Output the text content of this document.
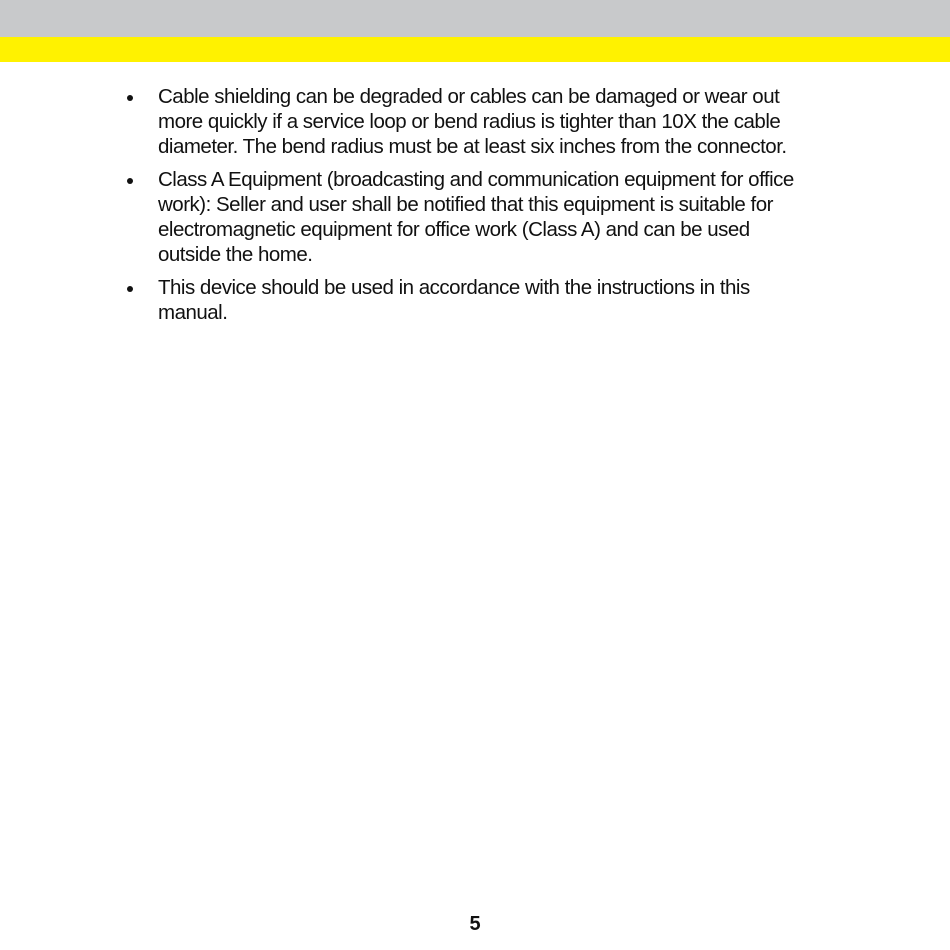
Cable shielding can be degraded or cables can be damaged or wear out
more quickly if a service loop or bend radius is tighter than 10X the cable
diameter. The bend radius must be at least six inches from the connector.
Class A Equipment (broadcasting and communication equipment for office
work): Seller and user shall be notified that this equipment is suitable for
electromagnetic equipment for office work (Class A) and can be used
outside the home.
This device should be used in accordance with the instructions in this
manual.
5
